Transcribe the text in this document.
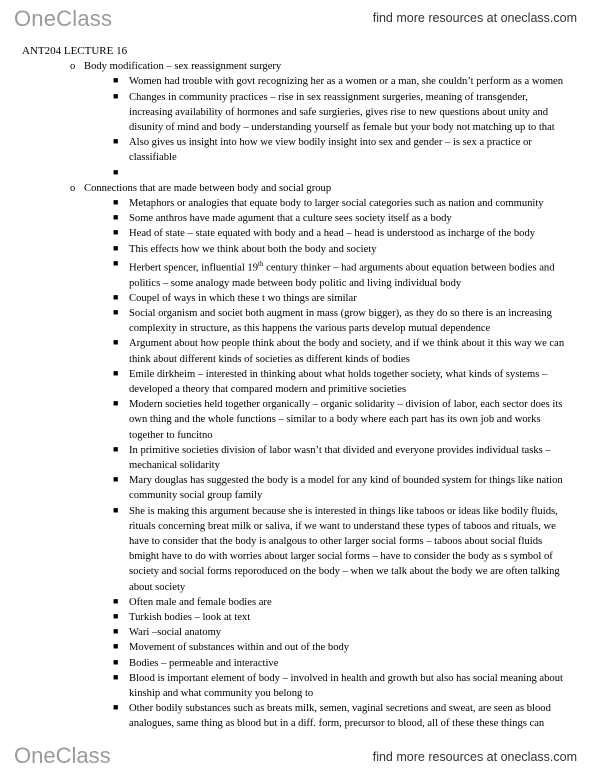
OneClass	find more resources at oneclass.com
ANT204 LECTURE 16
o Body modification – sex reassignment surgery
■ Women had trouble with govt recognizing her as a women or a man, she couldn’t perform as a women
■ Changes in community practices – rise in sex reassignment surgeries, meaning of transgender, increasing availability of hormones and safe surgieries, gives rise to new questions about unity and disunity of mind and body – understanding yourself as female but your body not matching up to that
■ Also gives us insight into how we view bodily insight into sex and gender – is sex a practice or classifiable
■

o Connections that are made between body and social group
■ Metaphors or analogies that equate body to larger social categories such as nation and community
■ Some anthros have made agument that a culture sees society itself as a body
■ Head of state – state equated with body and a head – head is understood as incharge of the body
■ This effects how we think about both the body and society
■ Herbert spencer, influential 19th century thinker – had arguments about equation between bodies and politics – some analogy made between body politic and living individual body
■ Coupel of ways in which these t wo things are similar
■ Social organism and societ both augment in mass (grow bigger), as they do so there is an increasing complexity in structure, as this happens the various parts develop mutual dependence
■ Argument about how people think about the body and society, and if we think about it this way we can think about different kinds of societies as different kinds of bodies
■ Emile dirkheim – interested in thinking about what holds together society, what kinds of systems – developed a theory that compared modern and primitive societies
■ Modern societies held together organically – organic solidarity – division of labor, each sector does its own thing and the whole functions – similar to a body where each part has its own job and works together to funcitno
■ In primitive societies division of labor wasn’t that divided and everyone provides individual tasks – mechanical solidarity
■ Mary douglas has suggested the body is a model for any kind of bounded system for things like nation community social group family
■ She is making this argument because she is interested in things like taboos or ideas like bodily fluids, rituals concerning breat milk or saliva, if we want to understand these types of taboos and rituals, we have to consider that the body is analgous to other larger social forms – taboos about social fluids bmight have to do with worries about larger social forms – have to consider the body as s symbol of society and social forms reporoduced on the body – when we talk about the body we are often talking about society
■ Often male and female bodies are
■ Turkish bodies – look at text
■ Wari –social anatomy
■ Movement of substances within and out of the body
■ Bodies – permeable and interactive
■ Blood is important element of body – involved in health and growth but also has social meaning about kinship and what community you belong to
■ Other bodily substances such as breats milk, semen, vaginal secretions and sweat, are seen as blood analogues, same thing as blood but in a diff. form, precursor to blood, all of these these things can
OneClass	find more resources at oneclass.com
